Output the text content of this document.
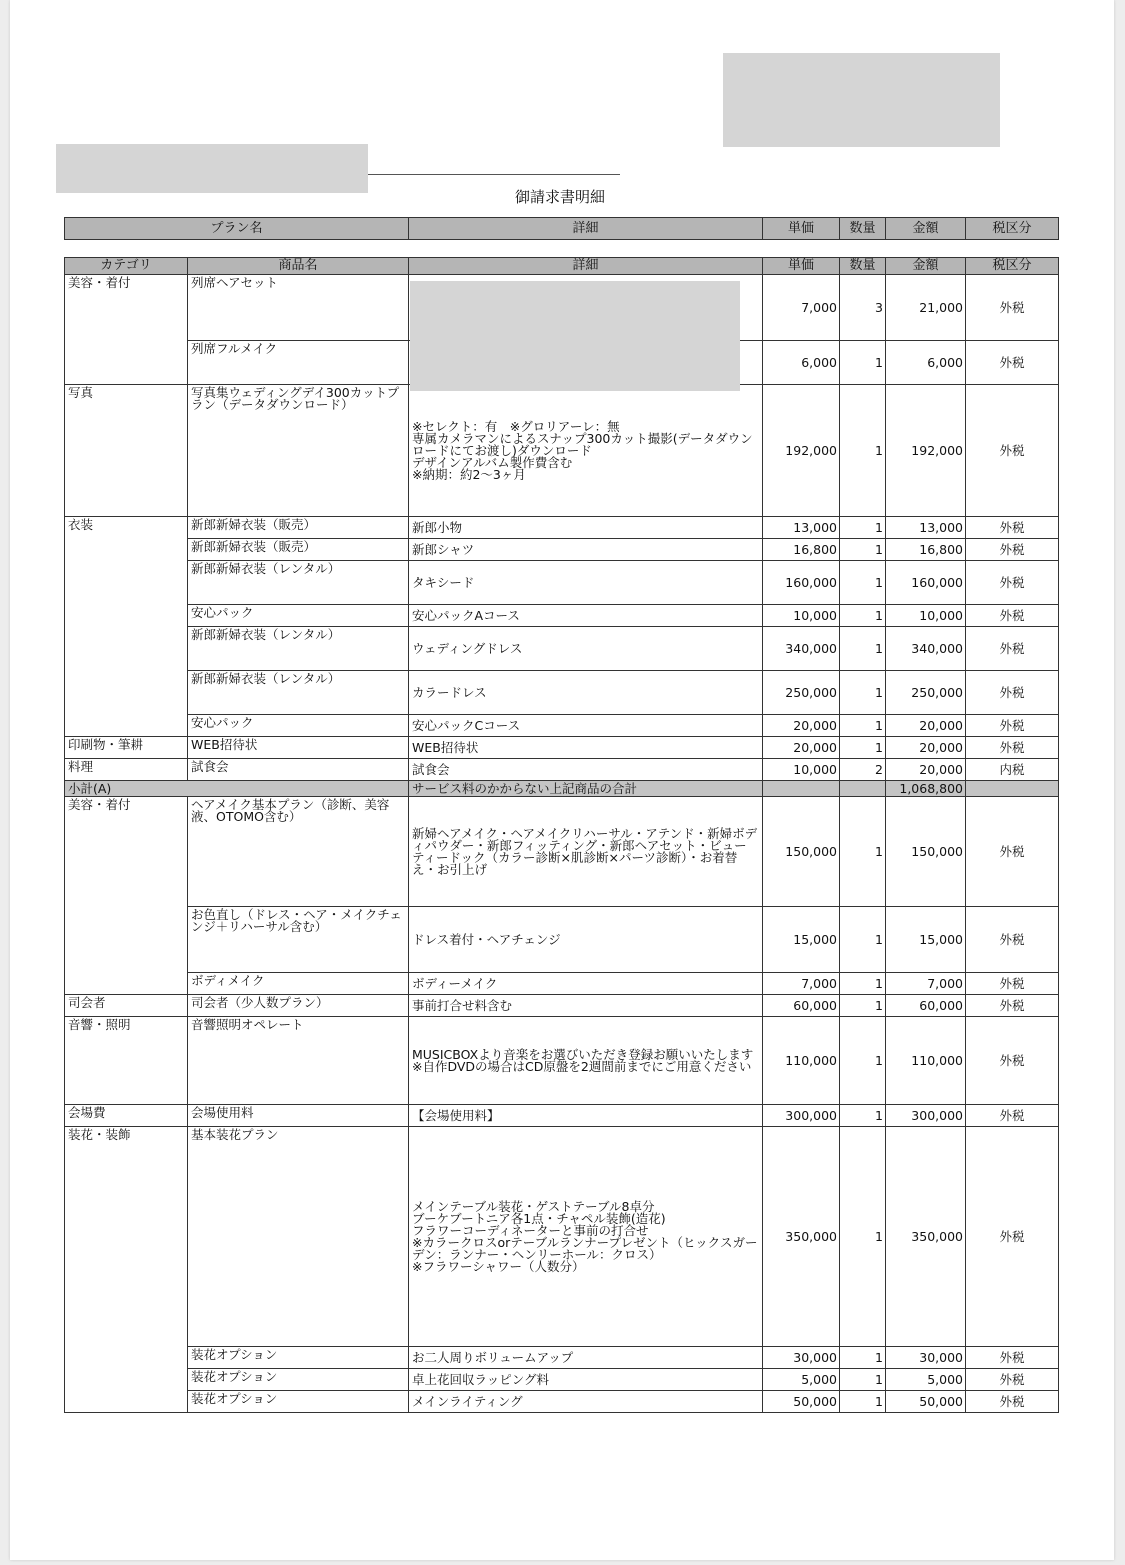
御請求書明細
プラン名	詳細	単価	数量	金額	税区分
カテゴリ	商品名	詳細	単価	数量	金額	税区分
美容・着付	列席ヘアセット		7,000	3	21,000	外税
	列席フルメイク		6,000	1	6,000	外税
写真	写真集ウェディングデイ300カットプラン（データダウンロード）	※セレクト：有　※グロリアーレ：無
専属カメラマンによるスナップ300カット撮影(データダウンロードにてお渡し)ダウンロード
デザインアルバム製作費含む
※納期：約2〜3ヶ月	192,000	1	192,000	外税
衣装	新郎新婦衣装（販売）	新郎小物	13,000	1	13,000	外税
	新郎新婦衣装（販売）	新郎シャツ	16,800	1	16,800	外税
	新郎新婦衣装（レンタル）	タキシード	160,000	1	160,000	外税
	安心パック	安心パックAコース	10,000	1	10,000	外税
	新郎新婦衣装（レンタル）	ウェディングドレス	340,000	1	340,000	外税
	新郎新婦衣装（レンタル）	カラードレス	250,000	1	250,000	外税
	安心パック	安心パックCコース	20,000	1	20,000	外税
印刷物・筆耕	WEB招待状	WEB招待状	20,000	1	20,000	外税
料理	試食会	試食会	10,000	2	20,000	内税
小計(A)		サービス料のかからない上記商品の合計			1,068,800	
美容・着付	ヘアメイク基本プラン（診断、美容液、OTOMO含む）	新婦ヘアメイク・ヘアメイクリハーサル・アテンド・新婦ボディパウダー・新郎フィッティング・新郎ヘアセット・ビューティードック（カラー診断×肌診断×パーツ診断）・お着替え・お引上げ	150,000	1	150,000	外税
	お色直し（ドレス・ヘア・メイクチェンジ＋リハーサル含む）	ドレス着付・ヘアチェンジ	15,000	1	15,000	外税
	ボディメイク	ボディーメイク	7,000	1	7,000	外税
司会者	司会者（少人数プラン）	事前打合せ料含む	60,000	1	60,000	外税
音響・照明	音響照明オペレート	MUSICBOXより音楽をお選びいただき登録お願いいたします
※自作DVDの場合はCD原盤を2週間前までにご用意ください	110,000	1	110,000	外税
会場費	会場使用料	【会場使用料】	300,000	1	300,000	外税
装花・装飾	基本装花プラン	メインテーブル装花・ゲストテーブル8卓分
ブーケブートニア各1点・チャペル装飾(造花)
フラワーコーディネーターと事前の打合せ
※カラークロスorテーブルランナープレゼント（ヒックスガーデン：ランナー・ヘンリーホール：クロス）
※フラワーシャワー（人数分）	350,000	1	350,000	外税
	装花オプション	お二人周りボリュームアップ	30,000	1	30,000	外税
	装花オプション	卓上花回収ラッピング料	5,000	1	5,000	外税
	装花オプション	メインライティング	50,000	1	50,000	外税
